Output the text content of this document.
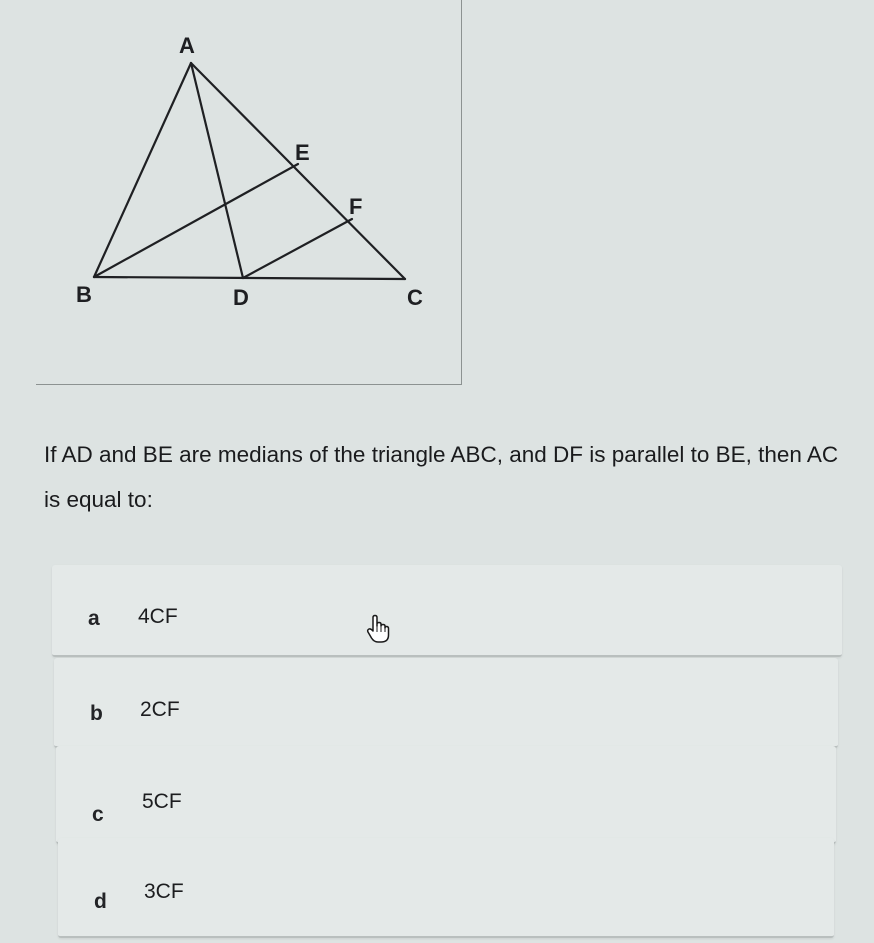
A
B	C
D
E
F
If AD and BE are medians of the triangle ABC, and DF is parallel to BE, then AC is equal to:
a 4CF
b 2CF
c
5CF
d 3CF
